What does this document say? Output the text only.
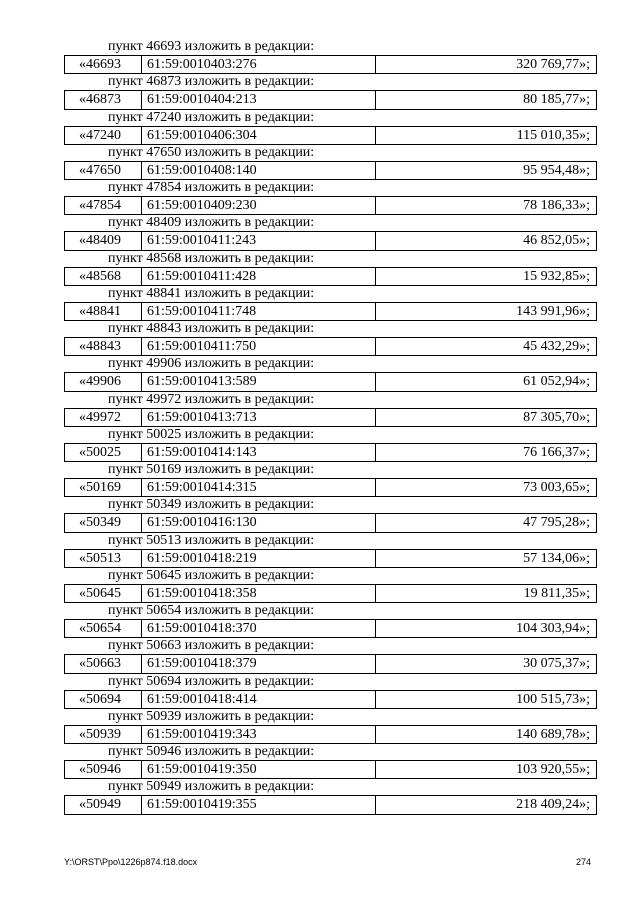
пункт 46693 изложить в редакции:
«46693	61:59:0010403:276	320 769,77»;
пункт 46873 изложить в редакции:
«46873	61:59:0010404:213	80 185,77»;
пункт 47240 изложить в редакции:
«47240	61:59:0010406:304	115 010,35»;
пункт 47650 изложить в редакции:
«47650	61:59:0010408:140	95 954,48»;
пункт 47854 изложить в редакции:
«47854	61:59:0010409:230	78 186,33»;
пункт 48409 изложить в редакции:
«48409	61:59:0010411:243	46 852,05»;
пункт 48568 изложить в редакции:
«48568	61:59:0010411:428	15 932,85»;
пункт 48841 изложить в редакции:
«48841	61:59:0010411:748	143 991,96»;
пункт 48843 изложить в редакции:
«48843	61:59:0010411:750	45 432,29»;
пункт 49906 изложить в редакции:
«49906	61:59:0010413:589	61 052,94»;
пункт 49972 изложить в редакции:
«49972	61:59:0010413:713	87 305,70»;
пункт 50025 изложить в редакции:
«50025	61:59:0010414:143	76 166,37»;
пункт 50169 изложить в редакции:
«50169	61:59:0010414:315	73 003,65»;
пункт 50349 изложить в редакции:
«50349	61:59:0010416:130	47 795,28»;
пункт 50513 изложить в редакции:
«50513	61:59:0010418:219	57 134,06»;
пункт 50645 изложить в редакции:
«50645	61:59:0010418:358	19 811,35»;
пункт 50654 изложить в редакции:
«50654	61:59:0010418:370	104 303,94»;
пункт 50663 изложить в редакции:
«50663	61:59:0010418:379	30 075,37»;
пункт 50694 изложить в редакции:
«50694	61:59:0010418:414	100 515,73»;
пункт 50939 изложить в редакции:
«50939	61:59:0010419:343	140 689,78»;
пункт 50946 изложить в редакции:
«50946	61:59:0010419:350	103 920,55»;
пункт 50949 изложить в редакции:
«50949	61:59:0010419:355	218 409,24»;
Y:\ORST\Ppo\1226p874.f18.docx	274
